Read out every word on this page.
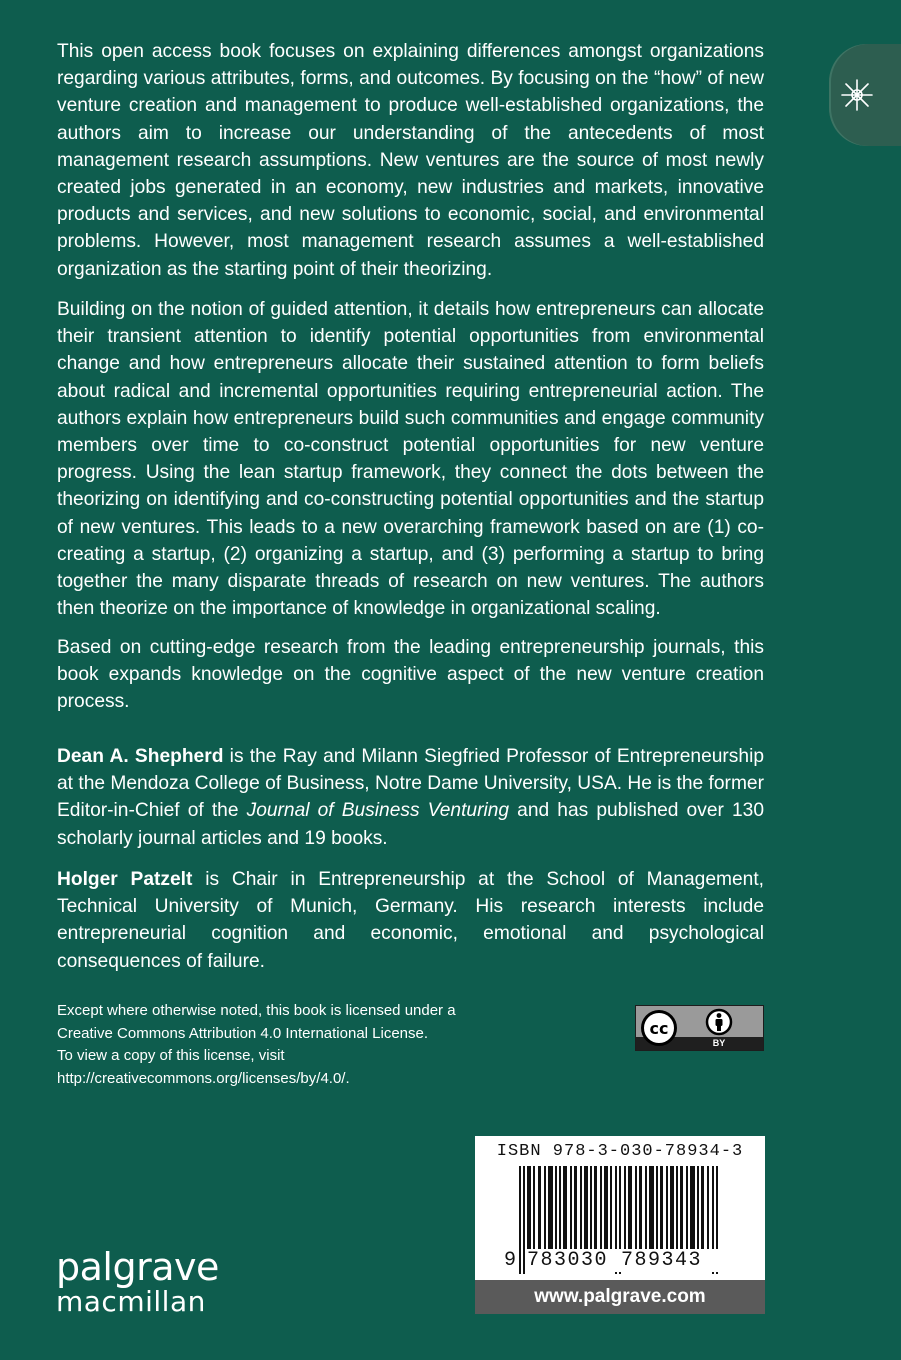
This open access book focuses on explaining differences amongst organizations regarding various attributes, forms, and outcomes. By focusing on the “how” of new venture creation and management to produce well-established organizations, the authors aim to increase our understanding of the antecedents of most management research assumptions. New ventures are the source of most newly created jobs generated in an economy, new industries and markets, innovative products and services, and new solutions to economic, social, and environmental problems. However, most management research assumes a well-established organization as the starting point of their theorizing.

Building on the notion of guided attention, it details how entrepreneurs can allocate their transient attention to identify potential opportunities from environmental change and how entrepreneurs allocate their sustained attention to form beliefs about radical and incremental opportunities requiring entrepreneurial action. The authors explain how entrepreneurs build such communities and engage community members over time to co-construct potential opportunities for new venture progress. Using the lean startup framework, they connect the dots between the theorizing on identifying and co-constructing potential opportunities and the startup of new ventures. This leads to a new overarching framework based on are (1) co-creating a startup, (2) organizing a startup, and (3) performing a startup to bring together the many disparate threads of research on new ventures. The authors then theorize on the importance of knowledge in organizational scaling.

Based on cutting-edge research from the leading entrepreneurship journals, this book expands knowledge on the cognitive aspect of the new venture creation process.

Dean A. Shepherd is the Ray and Milann Siegfried Professor of Entrepreneurship at the Mendoza College of Business, Notre Dame University, USA. He is the former Editor-in-Chief of the Journal of Business Venturing and has published over 130 scholarly journal articles and 19 books.

Holger Patzelt is Chair in Entrepreneurship at the School of Management, Technical University of Munich, Germany. His research interests include entrepreneurial cognition and economic, emotional and psychological consequences of failure.

Except where otherwise noted, this book is licensed under a
Creative Commons Attribution 4.0 International License.
To view a copy of this license, visit
http://creativecommons.org/licenses/by/4.0/.
cc
BY
ISBN 978-3-030-78934-3
9 783030 789343
www.palgrave.com
palgrave
macmillan
